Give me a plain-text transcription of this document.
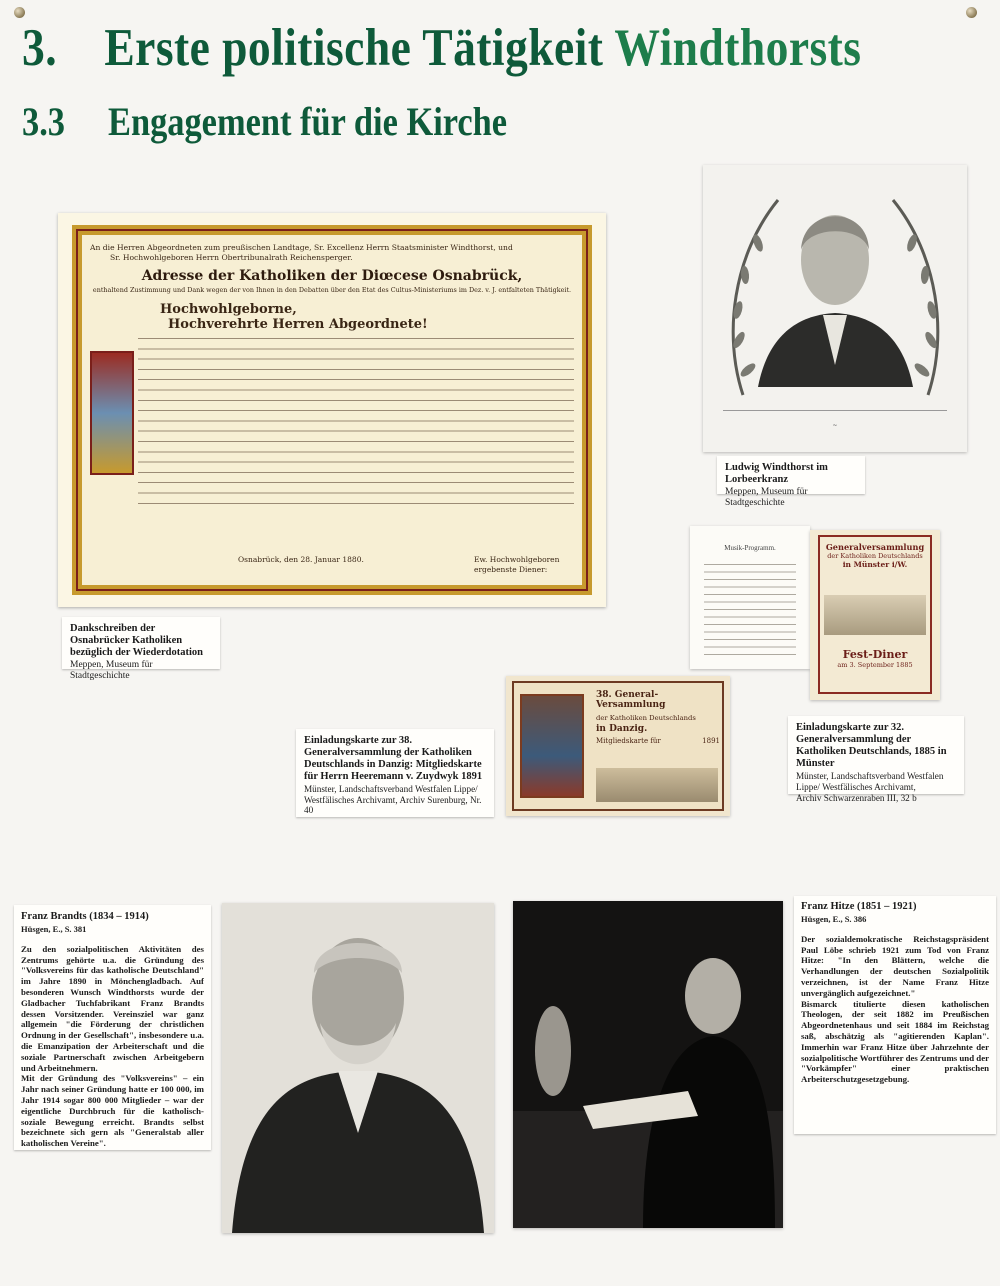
3. Erste politische Tätigkeit Windthorsts
3.3 Engagement für die Kirche
An die Herren Abgeordneten zum preußischen Landtage, Sr. Excellenz Herrn Staatsminister Windthorst, und
Sr. Hochwohlgeboren Herrn Obertribunalrath Reichensperger.
Adresse der Katholiken der Diœcese Osnabrück,
enthaltend Zustimmung und Dank wegen der von Ihnen in den Debatten über den Etat des Cultus-Ministeriums im Dez. v. J. entfalteten Thätigkeit.
Hochwohlgeborne,
Hochverehrte Herren Abgeordnete!
Osnabrück, den 28. Januar 1880.	Ew. Hochwohlgeboren ergebenste Diener:
Dankschreiben der Osnabrücker Katholiken bezüglich der Wiederdotation
Meppen, Museum für Stadtgeschichte
~
Ludwig Windthorst im Lorbeerkranz
Meppen, Museum für Stadtgeschichte
Musik-Programm.	Generalversammlung
der Katholiken Deutschlands
in Münster i/W.
Fest-Diner
am 3. September 1885
Einladungskarte zur 32. Generalversammlung der Katholiken Deutschlands, 1885 in Münster
Münster, Landschaftsverband Westfalen Lippe/ Westfälisches Archivamt,
Archiv Schwarzenraben III, 32 b
38. General-Versammlung
der Katholiken Deutschlands
in Danzig.
Mitgliedskarte für	1891
Einladungskarte zur 38. Generalversammlung der Katholiken Deutschlands in Danzig: Mitgliedskarte für Herrn Heeremann v. Zuydwyk 1891
Münster, Landschaftsverband Westfalen Lippe/ Westfälisches Archivamt, Archiv Surenburg, Nr. 40
Franz Brandts (1834 – 1914)
Hüsgen, E., S. 381
Zu den sozialpolitischen Aktivitäten des Zentrums gehörte u.a. die Gründung des "Volksvereins für das katholische Deutschland" im Jahre 1890 in Mönchengladbach. Auf besonderen Wunsch Windthorsts wurde der Gladbacher Tuchfabrikant Franz Brandts dessen Vorsitzender. Vereinsziel war ganz allgemein "die Förderung der christlichen Ordnung in der Gesellschaft", insbesondere u.a. die Emanzipation der Arbeiterschaft und die soziale Partnerschaft zwischen Arbeitgebern und Arbeitnehmern.
Mit der Gründung des "Volksvereins" – ein Jahr nach seiner Gründung hatte er 100 000, im Jahr 1914 sogar 800 000 Mitglieder – war der eigentliche Durchbruch für die katholisch-soziale Bewegung erreicht. Brandts selbst bezeichnete sich gern als "Generalstab aller katholischen Vereine".
Franz Hitze (1851 – 1921)
Hüsgen, E., S. 386
Der sozialdemokratische Reichstagspräsident Paul Löbe schrieb 1921 zum Tod von Franz Hitze: "In den Blättern, welche die Verhandlungen der deutschen Sozialpolitik verzeichnen, ist der Name Franz Hitze unvergänglich aufgezeichnet."
Bismarck titulierte diesen katholischen Theologen, der seit 1882 im Preußischen Abgeordnetenhaus und seit 1884 im Reichstag saß, abschätzig als "agitierenden Kaplan". Immerhin war Franz Hitze über Jahrzehnte der sozialpolitische Wortführer des Zentrums und der "Vorkämpfer" einer praktischen Arbeiterschutzgesetzgebung.
